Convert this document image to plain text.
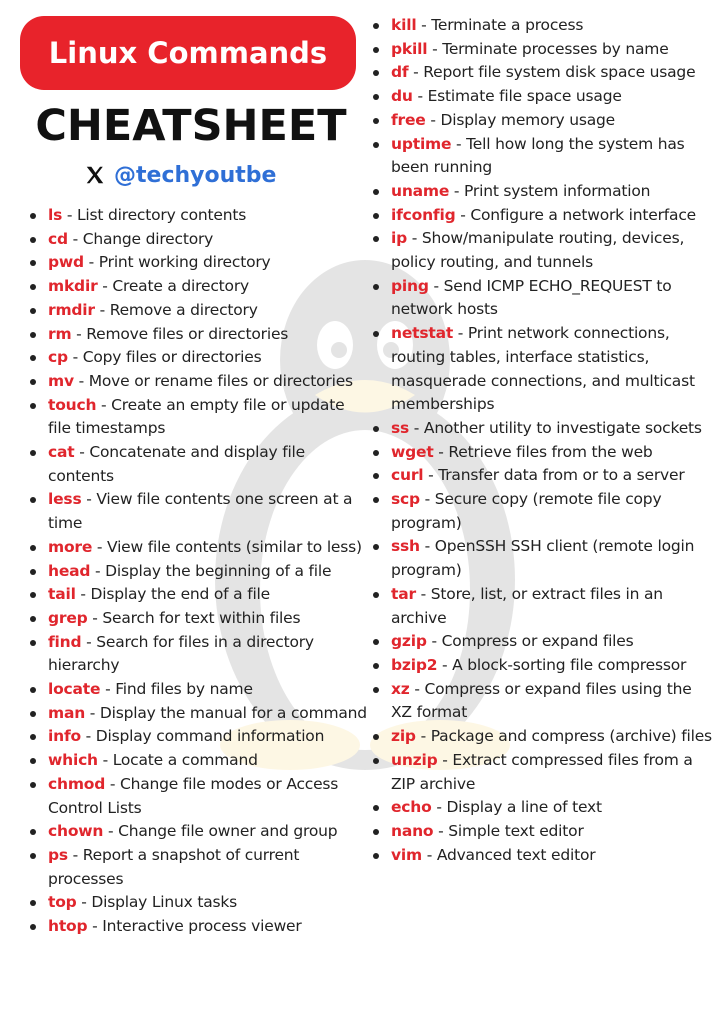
Linux Commands
CHEATSHEET
@techyoutbe
ls - List directory contents
cd - Change directory
pwd - Print working directory
mkdir - Create a directory
rmdir - Remove a directory
rm - Remove files or directories
cp - Copy files or directories
mv - Move or rename files or directories
touch - Create an empty file or update file timestamps
cat - Concatenate and display file contents
less - View file contents one screen at a time
more - View file contents (similar to less)
head - Display the beginning of a file
tail - Display the end of a file
grep - Search for text within files
find - Search for files in a directory hierarchy
locate - Find files by name
man - Display the manual for a command
info - Display command information
which - Locate a command
chmod - Change file modes or Access Control Lists
chown - Change file owner and group
ps - Report a snapshot of current processes
top - Display Linux tasks
htop - Interactive process viewer
kill - Terminate a process
pkill - Terminate processes by name
df - Report file system disk space usage
du - Estimate file space usage
free - Display memory usage
uptime - Tell how long the system has been running
uname - Print system information
ifconfig - Configure a network interface
ip - Show/manipulate routing, devices, policy routing, and tunnels
ping - Send ICMP ECHO_REQUEST to network hosts
netstat - Print network connections, routing tables, interface statistics, masquerade connections, and multicast memberships
ss - Another utility to investigate sockets
wget - Retrieve files from the web
curl - Transfer data from or to a server
scp - Secure copy (remote file copy program)
ssh - OpenSSH SSH client (remote login program)
tar - Store, list, or extract files in an archive
gzip - Compress or expand files
bzip2 - A block-sorting file compressor
xz - Compress or expand files using the XZ format
zip - Package and compress (archive) files
unzip - Extract compressed files from a ZIP archive
echo - Display a line of text
nano - Simple text editor
vim - Advanced text editor
